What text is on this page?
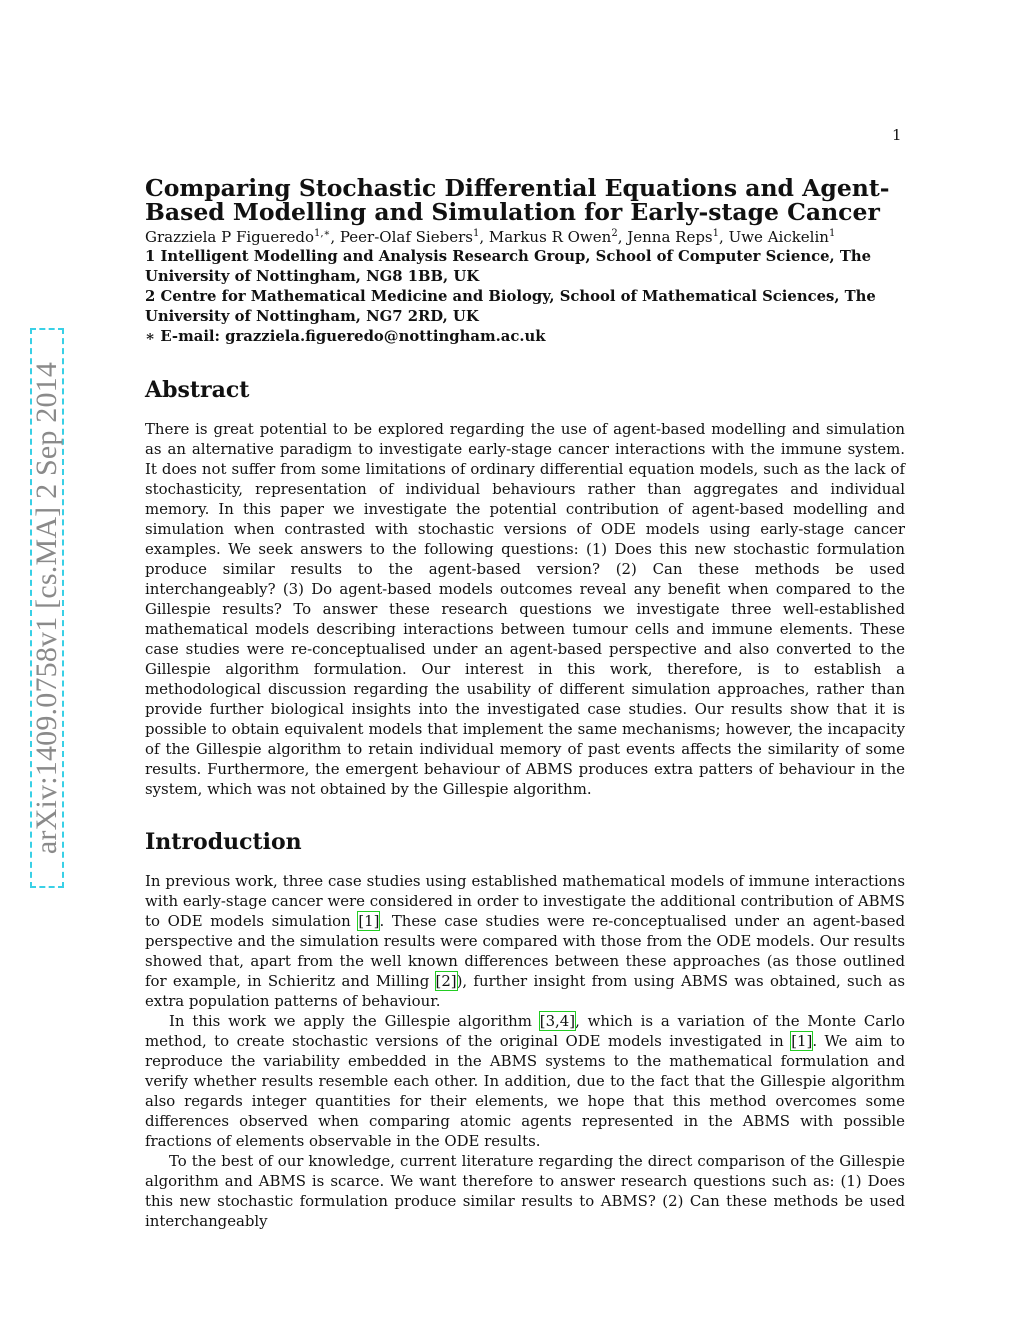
1
arXiv:1409.0758v1 [cs.MA] 2 Sep 2014
Comparing Stochastic Differential Equations and Agent-Based Modelling and Simulation for Early-stage Cancer

Grazziela P Figueredo$^{1,∗}$, Peer-Olaf Siebers$^1$, Markus R Owen$^2$, Jenna Reps$^1$, Uwe Aickelin$^1$

1 Intelligent Modelling and Analysis Research Group, School of Computer Science, The University of Nottingham, NG8 1BB, UK

2 Centre for Mathematical Medicine and Biology, School of Mathematical Sciences, The University of Nottingham, NG7 2RD, UK

∗ E-mail: grazziela.figueredo@nottingham.ac.uk

Abstract

There is great potential to be explored regarding the use of agent-based modelling and simulation as an alternative paradigm to investigate early-stage cancer interactions with the immune system. It does not suffer from some limitations of ordinary differential equation models, such as the lack of stochasticity, representation of individual behaviours rather than aggregates and individual memory. In this paper we investigate the potential contribution of agent-based modelling and simulation when contrasted with stochastic versions of ODE models using early-stage cancer examples. We seek answers to the following questions: (1) Does this new stochastic formulation produce similar results to the agent-based version? (2) Can these methods be used interchangeably? (3) Do agent-based models outcomes reveal any benefit when compared to the Gillespie results? To answer these research questions we investigate three well-established mathematical models describing interactions between tumour cells and immune elements. These case studies were re-conceptualised under an agent-based perspective and also converted to the Gillespie algorithm formulation. Our interest in this work, therefore, is to establish a methodological discussion regarding the usability of different simulation approaches, rather than provide further biological insights into the investigated case studies. Our results show that it is possible to obtain equivalent models that implement the same mechanisms; however, the incapacity of the Gillespie algorithm to retain individual memory of past events affects the similarity of some results. Furthermore, the emergent behaviour of ABMS produces extra patters of behaviour in the system, which was not obtained by the Gillespie algorithm.

Introduction

In previous work, three case studies using established mathematical models of immune interactions with early-stage cancer were considered in order to investigate the additional contribution of ABMS to ODE models simulation [1]. These case studies were re-conceptualised under an agent-based perspective and the simulation results were compared with those from the ODE models. Our results showed that, apart from the well known differences between these approaches (as those outlined for example, in Schieritz and Milling [2]), further insight from using ABMS was obtained, such as extra population patterns of behaviour.

In this work we apply the Gillespie algorithm [3,4], which is a variation of the Monte Carlo method, to create stochastic versions of the original ODE models investigated in [1]. We aim to reproduce the variability embedded in the ABMS systems to the mathematical formulation and verify whether results resemble each other. In addition, due to the fact that the Gillespie algorithm also regards integer quantities for their elements, we hope that this method overcomes some differences observed when comparing atomic agents represented in the ABMS with possible fractions of elements observable in the ODE results.

To the best of our knowledge, current literature regarding the direct comparison of the Gillespie algorithm and ABMS is scarce. We want therefore to answer research questions such as: (1) Does this new stochastic formulation produce similar results to ABMS? (2) Can these methods be used interchangeably
